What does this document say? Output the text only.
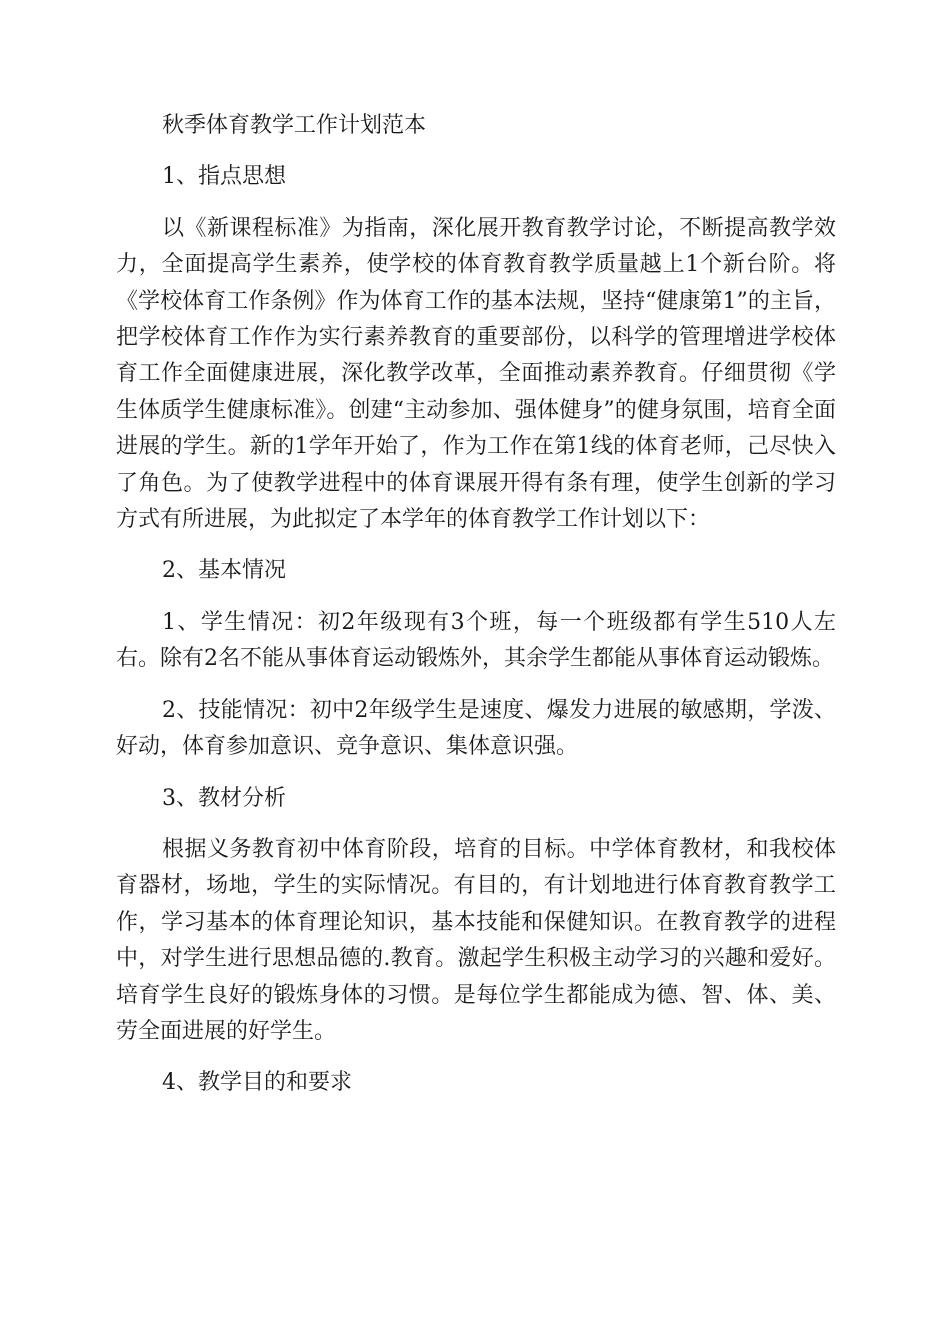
秋季体育教学工作计划范本

1、指点思想

以《新课程标准》为指南，深化展开教育教学讨论，不断提高教学效力，全面提高学生素养，使学校的体育教育教学质量越上1个新台阶。将《学校体育工作条例》作为体育工作的基本法规，坚持“健康第1”的主旨，把学校体育工作作为实行素养教育的重要部份，以科学的管理增进学校体育工作全面健康进展，深化教学改革，全面推动素养教育。仔细贯彻《学生体质学生健康标准》。创建“主动参加、强体健身”的健身氛围，培育全面进展的学生。新的1学年开始了，作为工作在第1线的体育老师，己尽快入了角色。为了使教学进程中的体育课展开得有条有理，使学生创新的学习方式有所进展，为此拟定了本学年的体育教学工作计划以下：

2、基本情况

1、学生情况：初2年级现有3个班，每一个班级都有学生510人左右。除有2名不能从事体育运动锻炼外，其余学生都能从事体育运动锻炼。

2、技能情况：初中2年级学生是速度、爆发力进展的敏感期，学泼、好动，体育参加意识、竞争意识、集体意识强。

3、教材分析

根据义务教育初中体育阶段，培育的目标。中学体育教材，和我校体育器材，场地，学生的实际情况。有目的，有计划地进行体育教育教学工作，学习基本的体育理论知识，基本技能和保健知识。在教育教学的进程中，对学生进行思想品德的.教育。激起学生积极主动学习的兴趣和爱好。培育学生良好的锻炼身体的习惯。是每位学生都能成为德、智、体、美、劳全面进展的好学生。

4、教学目的和要求
